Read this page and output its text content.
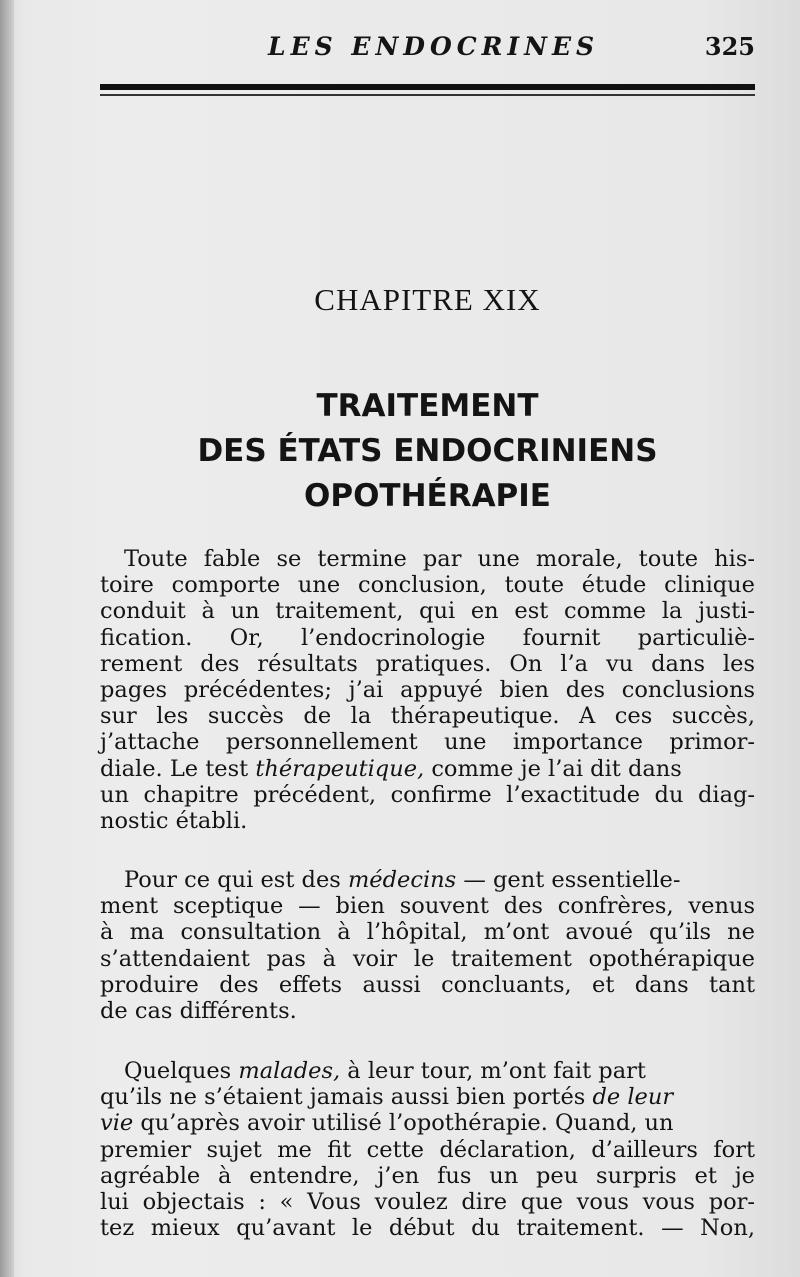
LES ENDOCRINES	325
CHAPITRE XIX
TRAITEMENT
DES ÉTATS ENDOCRINIENS
OPOTHÉRAPIE
Toute fable se termine par une morale, toute his-
toire comporte une conclusion, toute étude clinique
conduit à un traitement, qui en est comme la justi-
fication. Or, l’endocrinologie fournit particuliè-
rement des résultats pratiques. On l’a vu dans les
pages précédentes; j’ai appuyé bien des conclusions
sur les succès de la thérapeutique. A ces succès,
j’attache personnellement une importance primor-
diale. Le test thérapeutique, comme je l’ai dit dans
un chapitre précédent, confirme l’exactitude du diag-
nostic établi.
Pour ce qui est des médecins — gent essentielle-
ment sceptique — bien souvent des confrères, venus
à ma consultation à l’hôpital, m’ont avoué qu’ils ne
s’attendaient pas à voir le traitement opothérapique
produire des effets aussi concluants, et dans tant
de cas différents.
Quelques malades, à leur tour, m’ont fait part
qu’ils ne s’étaient jamais aussi bien portés de leur
vie qu’après avoir utilisé l’opothérapie. Quand, un
premier sujet me fit cette déclaration, d’ailleurs fort
agréable à entendre, j’en fus un peu surpris et je
lui objectais : « Vous voulez dire que vous vous por-
tez mieux qu’avant le début du traitement. — Non,
